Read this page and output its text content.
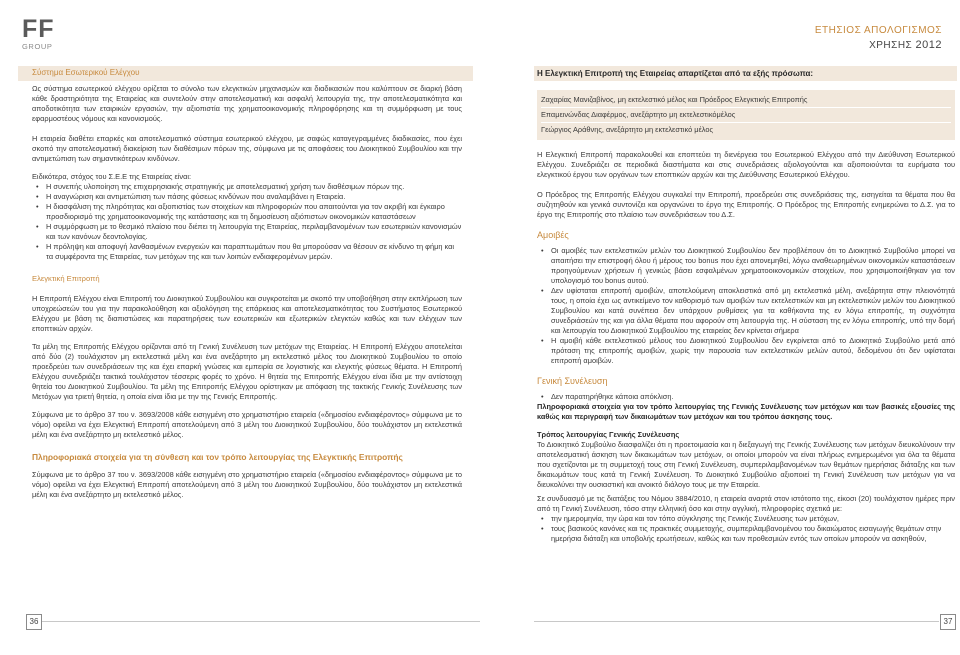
FF
GROUP
ΕΤΗΣΙΟΣ ΑΠΟΛΟΓΙΣΜΟΣ
ΧΡΗΣΗΣ 2012
Σύστημα Εσωτερικού Ελέγχου	Η Ελεγκτική Επιτροπή της Εταιρείας απαρτίζεται από τα εξής πρόσωπα:

Ως σύστημα εσωτερικού ελέγχου ορίζεται το σύνολο των ελεγκτικών μηχανισμών και διαδικασιών που καλύπτουν σε διαρκή βάση κάθε δραστηριότητα της Εταιρείας και συντελούν στην αποτελεσματική και ασφαλή λειτουργία της, την αποτελεσματικότητα και αποδοτικότητα των εταιρικών εργασιών, την αξιοπιστία της χρηματοοικονομικής πληροφόρησης και τη συμμόρφωση με τους εφαρμοστέους νόμους και κανονισμούς.

Η εταιρεία διαθέτει επαρκές και αποτελεσματικό σύστημα εσωτερικού ελέγχου, με σαφώς καταγεγραμμένες διαδικασίες, που έχει σκοπό την αποτελεσματική διακείριση των διαθέσιμων πόρων της, σύμφωνα με τις αποφάσεις του Διοικητικού Συμβουλίου και την αντιμετώπιση των σημαντικότερων κινδύνων.

Ειδικότερα, στόχος του Σ.Ε.Ε της Εταιρείας είναι:

• Η συνεπής υλοποίηση της επιχειρησιακής στρατηγικής με αποτελεσματική χρήση των διαθέσιμων πόρων της.
• Η αναγνώριση και αντιμετώπιση των πάσης φύσεως κινδύνων που αναλαμβάνει η Εταιρεία.
• Η διασφάλιση της πληρότητας και αξιοπιστίας των στοιχείων και πληροφοριών που απαιτούνται για τον ακριβή και έγκαιρο προσδιορισμό της χρηματοοικονομικής της κατάστασης και τη δημοσίευση αξιόπιστων οικονομικών καταστάσεων
• Η συμμόρφωση με το θεσμικό πλαίσιο που διέπει τη λειτουργία της Εταιρείας, περιλαμβανομένων των εσωτερικών κανονισμών και των κανόνων δεοντολογίας.
• Η πρόληψη και αποφυγή λανθασμένων ενεργειών και παραπτωμάτων που θα μπορούσαν να θέσουν σε κίνδυνο τη φήμη και τα συμφέροντα της Εταιρείας, των μετόχων της και των λοιπών ενδιαφερομένων μερών.

Ελεγκτική Επιτροπή

Η Επιτροπή Ελέγχου είναι Επιτροπή του Διοικητικού Συμβουλίου και συγκροτείται με σκοπό την υποβοήθηση στην εκπλήρωση των υποχρεώσεών του για την παρακολούθηση και αξιολόγηση της επάρκειας και αποτελεσματικότητας του Συστήματος Εσωτερικού Ελέγχου με βάση τις διαπιστώσεις και παρατηρήσεις των εσωτερικών και εξωτερικών ελεγκτών καθώς και των ελέγχων των εποπτικών αρχών.

Τα μέλη της Επιτροπής Ελέγχου ορίζονται από τη Γενική Συνέλευση των μετόχων της Εταιρείας. Η Επιτροπή Ελέγχου αποτελείται από δύο (2) τουλάχιστον μη εκτελεστικά μέλη και ένα ανεξάρτητο μη εκτελεστικό μέλος του Διοικητικού Συμβουλίου το οποίο προεδρεύει των συνεδριάσεων της και έχει επαρκή γνώσεις και εμπειρία σε λογιστικής και ελεγκτής φύσεως θέματα. Η Επιτροπή Ελέγχου συνεδριάζει τακτικά τουλάχιστον τέσσερις φορές το χρόνο. Η θητεία της Επιτροπής Ελέγχου είναι ίδια με την αντίστοιχη θητεία του Διοικητικού Συμβουλίου. Τα μέλη της Επιτροπής Ελέγχου ορίστηκαν με απόφαση της τακτικής Γενικής Συνέλευσης των Μετόχων για τριετή θητεία, η οποία είναι ίδια με την της Γενικής Επιτροπής.

Σύμφωνα με το άρθρο 37 του ν. 3693/2008 κάθε εισηγμένη στο χρηματιστήριο εταιρεία («δημοσίου ενδιαφέροντος» σύμφωνα με το νόμο) οφείλει να έχει Ελεγκτική Επιτροπή αποτελούμενη από 3 μέλη του Διοικητικού Συμβουλίου, δύο τουλάχιστον μη εκτελεστικά μέλη και ένα ανεξάρτητο μη εκτελεστικό μέλος.

Πληροφοριακά στοιχεία για τη σύνθεση και τον τρόπο λειτουργίας της Ελεγκτικής Επιτροπής

Σύμφωνα με το άρθρο 37 του ν. 3693/2008 κάθε εισηγμένη στο χρηματιστήριο εταιρεία («δημοσίου ενδιαφέροντος» σύμφωνα με το νόμο) οφείλει να έχει Ελεγκτική Επιτροπή αποτελούμενη από 3 μέλη του Διοικητικού Συμβουλίου, δύο τουλάχιστον μη εκτελεστικά μέλη και ένα ανεξάρτητο μη εκτελεστικό μέλος.

Ζαχαρίας Μανιζαβίνος, μη εκτελεστικό μέλος και Πρόεδρος Ελεγκτικής Επιτροπής
Επαμεινώνδας Διαφέρμος, ανεξάρτητο μη εκτελεστικόμέλος
Γεώργιος Αράθνης, ανεξάρτητο μη εκτελεστικό μέλος

Η Ελεγκτική Επιτροπή παρακολουθεί και εποπτεύει τη διενέργεια του Εσωτερικού Ελέγχου από την Διεύθυνση Εσωτερικού Ελέγχου. Συνεδριάζει σε περιοδικά διαστήματα και στις συνεδριάσεις αξιολογούνται και αξιοποιούνται τα ευρήματα του ελεγκτικού έργου των οργάνων των εποπτικών αρχών και της Διεύθυνσης Εσωτερικού Ελέγχου.

Ο Πρόεδρος της Επιτροπής Ελέγχου συγκαλεί την Επιτροπή, προεδρεύει στις συνεδριάσεις της, εισηγείται τα θέματα που θα συζητηθούν και γενικά συντονίζει και οργανώνει το έργο της Επιτροπής. Ο Πρόεδρος της Επιτροπής ενημερώνει το Δ.Σ. για το έργο της Επιτροπής στο πλαίσιο των συνεδριάσεων του Δ.Σ.

Αμοιβές

• Οι αμοιβές των εκτελεστικών μελών του Διοικητικού Συμβουλίου δεν προβλέπουν ότι το Διοικητικό Συμβούλιο μπορεί να απαιτήσει την επιστροφή όλου ή μέρους του bonus που έχει απονεμηθεί, λόγω αναθεωρημένων οικονομικών καταστάσεων προηγούμενων χρήσεων ή γενικώς βάσει εσφαλμένων χρηματοοικονομικών στοιχείων, που χρησιμοποιήθηκαν για τον υπολογισμό του bonus αυτού.
• Δεν υφίσταται επιτροπή αμοιβών, αποτελούμενη αποκλειστικά από μη εκτελεστικά μέλη, ανεξάρτητα στην πλειονότητά τους, η οποία έχει ως αντικείμενο τον καθορισμό των αμοιβών των εκτελεστικών και μη εκτελεστικών μελών του Διοικητικού Συμβουλίου και κατά συνέπεια δεν υπάρχουν ρυθμίσεις για τα καθήκοντα της εν λόγω επιτροπής, τη συχνότητα συνεδριάσεών της και για άλλα θέματα που αφορούν στη λειτουργία της. Η σύσταση της εν λόγω επιτροπής, υπό την δομή και λειτουργία του Διοικητικού Συμβουλίου της εταιρείας δεν κρίνεται σήμερα
• Η αμοιβή κάθε εκτελεστικού μέλους του Διοικητικού Συμβουλίου δεν εγκρίνεται από το Διοικητικό Συμβούλιο μετά από πρόταση της επιτροπής αμοιβών, χωρίς την παρουσία των εκτελεστικών μελών αυτού, δεδομένου ότι δεν υφίσταται επιτροπή αμοιβών.

Γενική Συνέλευση

• Δεν παρατηρήθηκε κάποια απόκλιση.

Πληροφοριακά στοιχεία για τον τρόπο λειτουργίας της Γενικής Συνέλευσης των μετόχων και των βασικές εξουσίες της καθώς και περιγραφή των δικαιωμάτων των μετόχων και του τρόπου άσκησης τους.

Τρόπος λειτουργίας Γενικής Συνέλευσης

Το Διοικητικό Συμβούλιο διασφαλίζει ότι η προετοιμασία και η διεξαγωγή της Γενικής Συνέλευσης των μετόχων διευκολύνουν την αποτελεσματική άσκηση των δικαιωμάτων των μετόχων, οι οποίοι μπορούν να είναι πλήρως ενημερωμένοι για όλα τα θέματα που σχετίζονται με τη συμμετοχή τους στη Γενική Συνέλευση, συμπεριλαμβανομένων των θεμάτων ημερήσιας διάταξης και των δικαιωμάτων τους κατά τη Γενική Συνέλευση. Το Διοικητικό Συμβούλιο αξιοποιεί τη Γενική Συνέλευση των μετόχων για να διευκολύνει την ουσιαστική και ανοικτό διάλογο τους με την Εταιρεία.

Σε συνδυασμό με τις διατάξεις του Νόμου 3884/2010, η εταιρεία αναρτά στον ιστότοπο της, είκοσι (20) τουλάχιστον ημέρες πριν από τη Γενική Συνέλευση, τόσο στην ελληνική όσο και στην αγγλική, πληροφορίες σχετικά με:

• την ημερομηνία, την ώρα και τον τόπο σύγκλησης της Γενικής Συνέλευσης των μετόχων,
• τους βασικούς κανόνες και τις πρακτικές συμμετοχής, συμπεριλαμβανομένου του δικαιώματος εισαγωγής θεμάτων στην ημερήσια διάταξη και υποβολής ερωτήσεων, καθώς και των προθεσμιών εντός των οποίων μπορούν να ασκηθούν,
36	37
